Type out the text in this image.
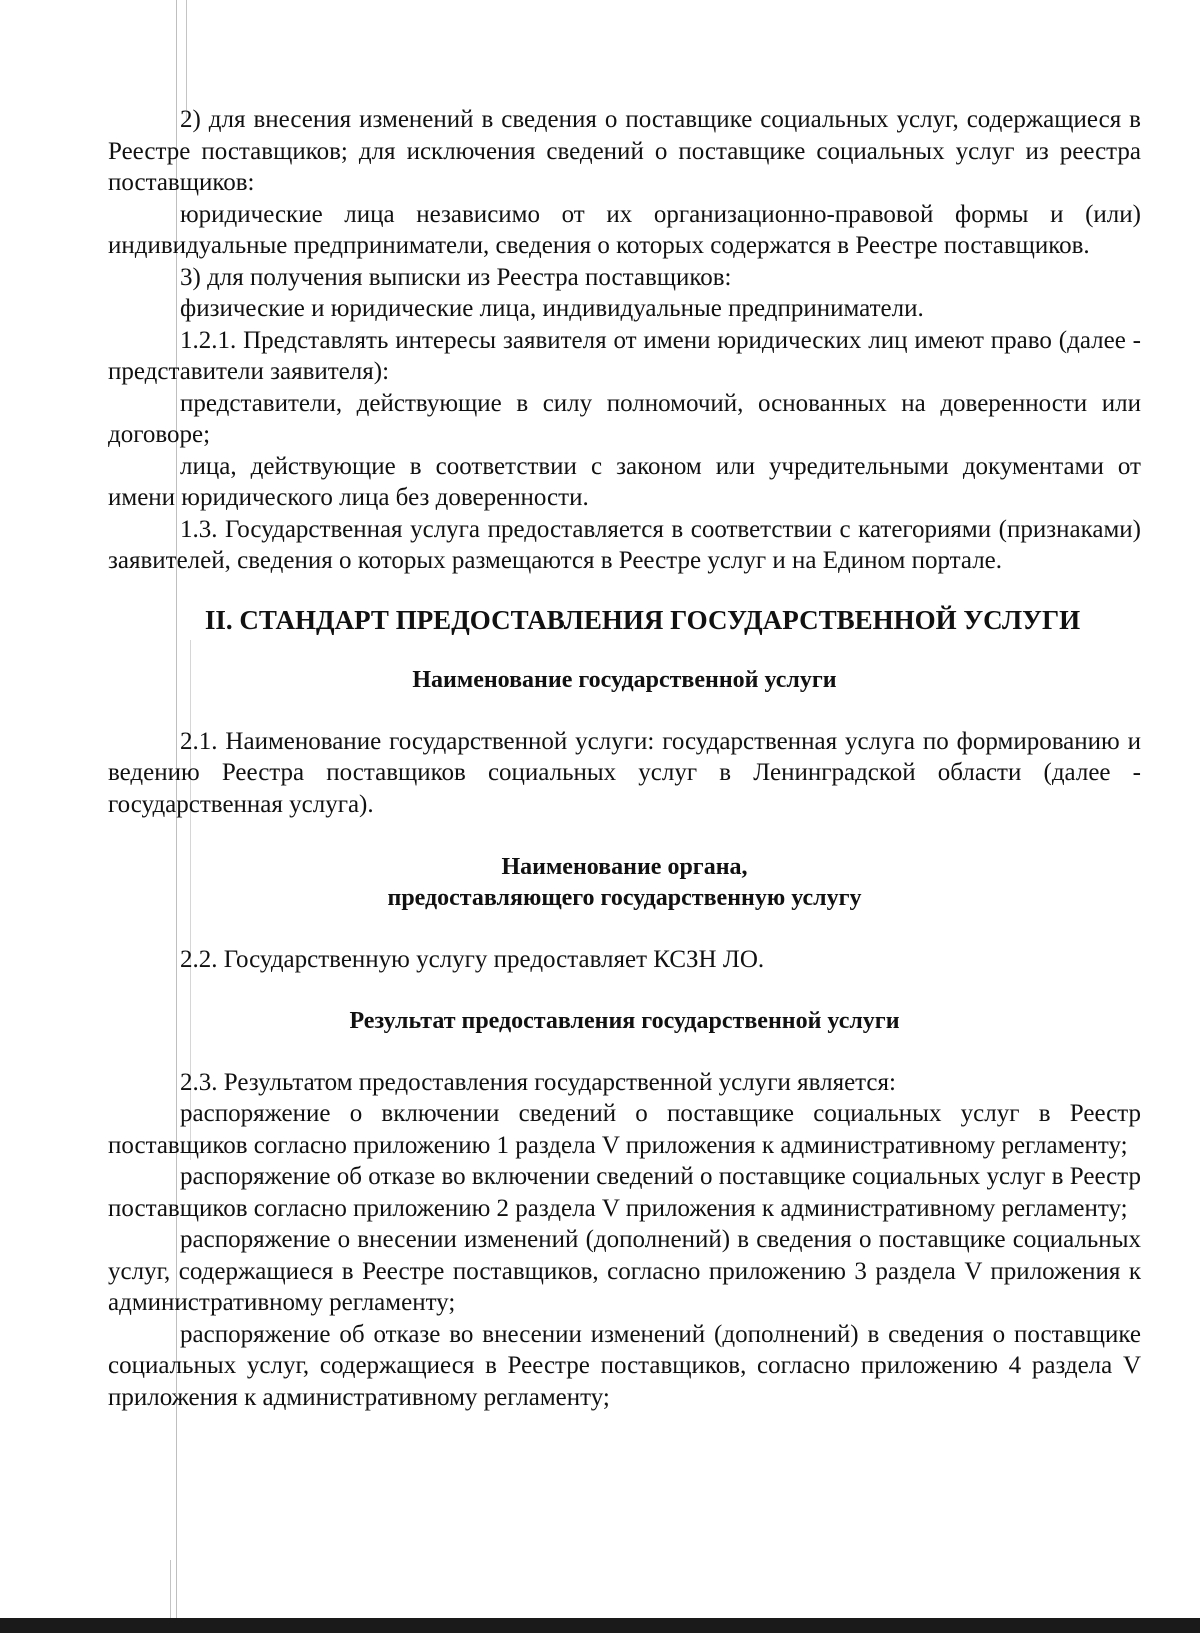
2) для внесения изменений в сведения о поставщике социальных услуг, содержащиеся в Реестре поставщиков; для исключения сведений о поставщике социальных услуг из реестра поставщиков:

юридические лица независимо от их организационно-правовой формы и (или) индивидуальные предприниматели, сведения о которых содержатся в Реестре поставщиков.

3) для получения выписки из Реестра поставщиков:

физические и юридические лица, индивидуальные предприниматели.

1.2.1. Представлять интересы заявителя от имени юридических лиц имеют право (далее - представители заявителя):

представители, действующие в силу полномочий, основанных на доверенности или договоре;

лица, действующие в соответствии с законом или учредительными документами от имени юридического лица без доверенности.

1.3. Государственная услуга предоставляется в соответствии с категориями (признаками) заявителей, сведения о которых размещаются в Реестре услуг и на Едином портале.

II. СТАНДАРТ ПРЕДОСТАВЛЕНИЯ ГОСУДАРСТВЕННОЙ УСЛУГИ
Наименование государственной услуги

2.1. Наименование государственной услуги: государственная услуга по формированию и ведению Реестра поставщиков социальных услуг в Ленинградской области (далее - государственная услуга).

Наименование органа,
предоставляющего государственную услугу

2.2. Государственную услугу предоставляет КСЗН ЛО.

Результат предоставления государственной услуги

2.3. Результатом предоставления государственной услуги является:

распоряжение о включении сведений о поставщике социальных услуг в Реестр поставщиков согласно приложению 1 раздела V приложения к административному регламенту;

распоряжение об отказе во включении сведений о поставщике социальных услуг в Реестр поставщиков согласно приложению 2 раздела V приложения к административному регламенту;

распоряжение о внесении изменений (дополнений) в сведения о поставщике социальных услуг, содержащиеся в Реестре поставщиков, согласно приложению 3 раздела V приложения к административному регламенту;

распоряжение об отказе во внесении изменений (дополнений) в сведения о поставщике социальных услуг, содержащиеся в Реестре поставщиков, согласно приложению 4 раздела V приложения к административному регламенту;
